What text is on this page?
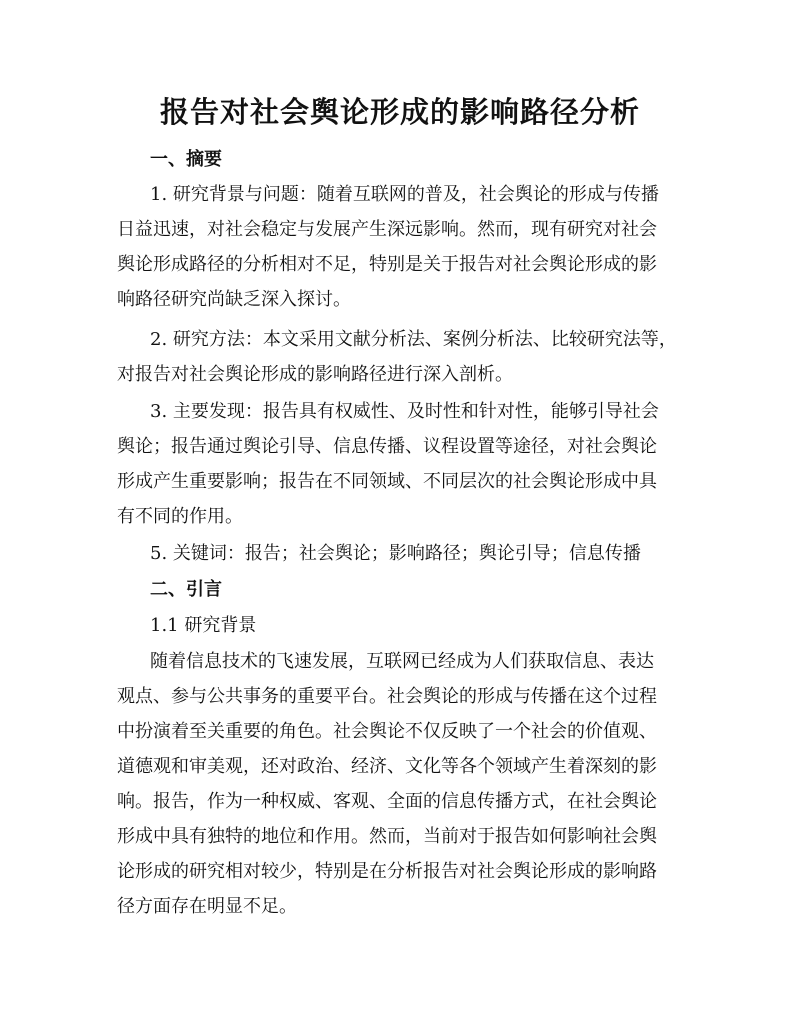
报告对社会舆论形成的影响路径分析
一、摘要
1. 研究背景与问题：随着互联网的普及，社会舆论的形成与传播
日益迅速，对社会稳定与发展产生深远影响。然而，现有研究对社会
舆论形成路径的分析相对不足，特别是关于报告对社会舆论形成的影
响路径研究尚缺乏深入探讨。
2. 研究方法：本文采用文献分析法、案例分析法、比较研究法等，
对报告对社会舆论形成的影响路径进行深入剖析。
3. 主要发现：报告具有权威性、及时性和针对性，能够引导社会
舆论；报告通过舆论引导、信息传播、议程设置等途径，对社会舆论
形成产生重要影响；报告在不同领域、不同层次的社会舆论形成中具
有不同的作用。
5. 关键词：报告；社会舆论；影响路径；舆论引导；信息传播
二、引言
1.1 研究背景
随着信息技术的飞速发展，互联网已经成为人们获取信息、表达
观点、参与公共事务的重要平台。社会舆论的形成与传播在这个过程
中扮演着至关重要的角色。社会舆论不仅反映了一个社会的价值观、
道德观和审美观，还对政治、经济、文化等各个领域产生着深刻的影
响。报告，作为一种权威、客观、全面的信息传播方式，在社会舆论
形成中具有独特的地位和作用。然而，当前对于报告如何影响社会舆
论形成的研究相对较少，特别是在分析报告对社会舆论形成的影响路
径方面存在明显不足。
